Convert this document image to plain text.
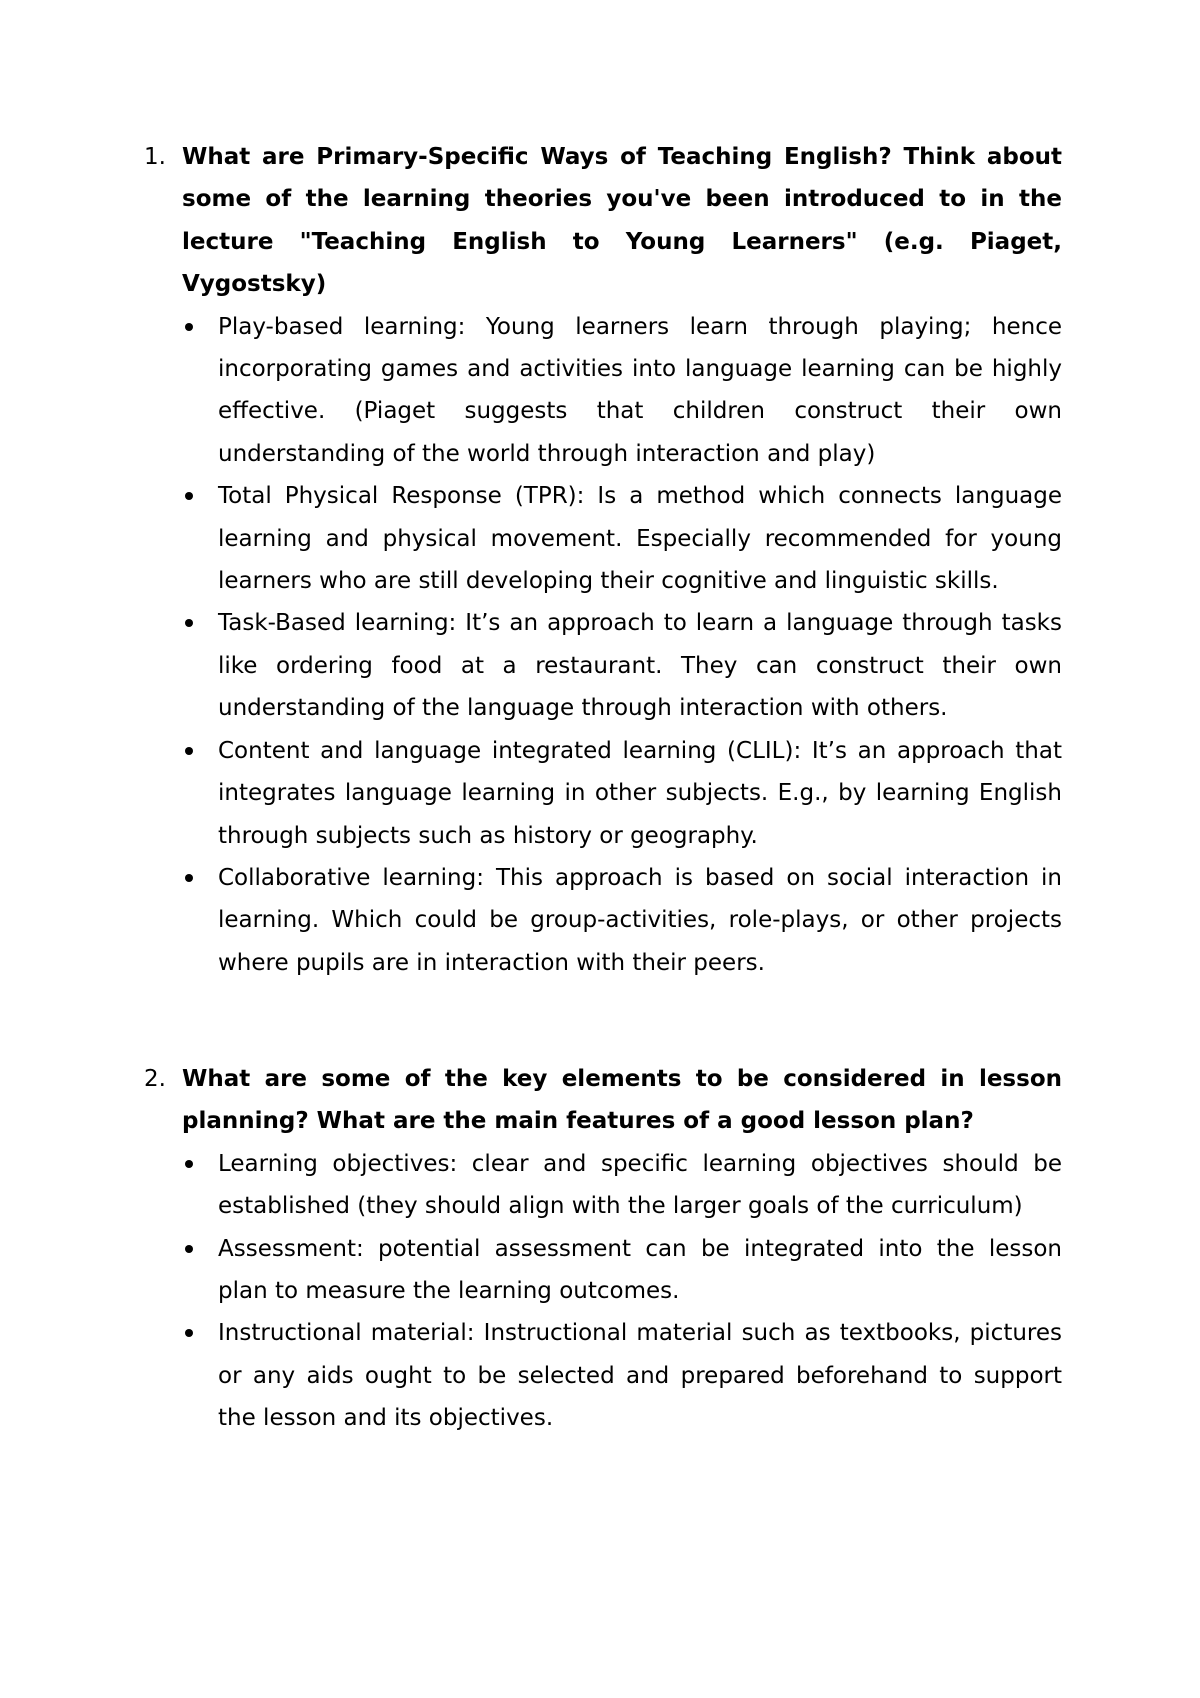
1. What are Primary-Specific Ways of Teaching English? Think about some of the learning theories you've been introduced to in the lecture "Teaching English to Young Learners" (e.g. Piaget, Vygostsky)
Play-based learning: Young learners learn through playing; hence incorporating games and activities into language learning can be highly effective. (Piaget suggests that children construct their own understanding of the world through interaction and play)
Total Physical Response (TPR): Is a method which connects language learning and physical movement. Especially recommended for young learners who are still developing their cognitive and linguistic skills.
Task-Based learning: It’s an approach to learn a language through tasks like ordering food at a restaurant. They can construct their own understanding of the language through interaction with others.
Content and language integrated learning (CLIL): It’s an approach that integrates language learning in other subjects. E.g., by learning English through subjects such as history or geography.
Collaborative learning: This approach is based on social interaction in learning. Which could be group-activities, role-plays, or other projects where pupils are in interaction with their peers.
2. What are some of the key elements to be considered in lesson planning? What are the main features of a good lesson plan?
Learning objectives: clear and specific learning objectives should be established (they should align with the larger goals of the curriculum)
Assessment: potential assessment can be integrated into the lesson plan to measure the learning outcomes.
Instructional material: Instructional material such as textbooks, pictures or any aids ought to be selected and prepared beforehand to support the lesson and its objectives.
